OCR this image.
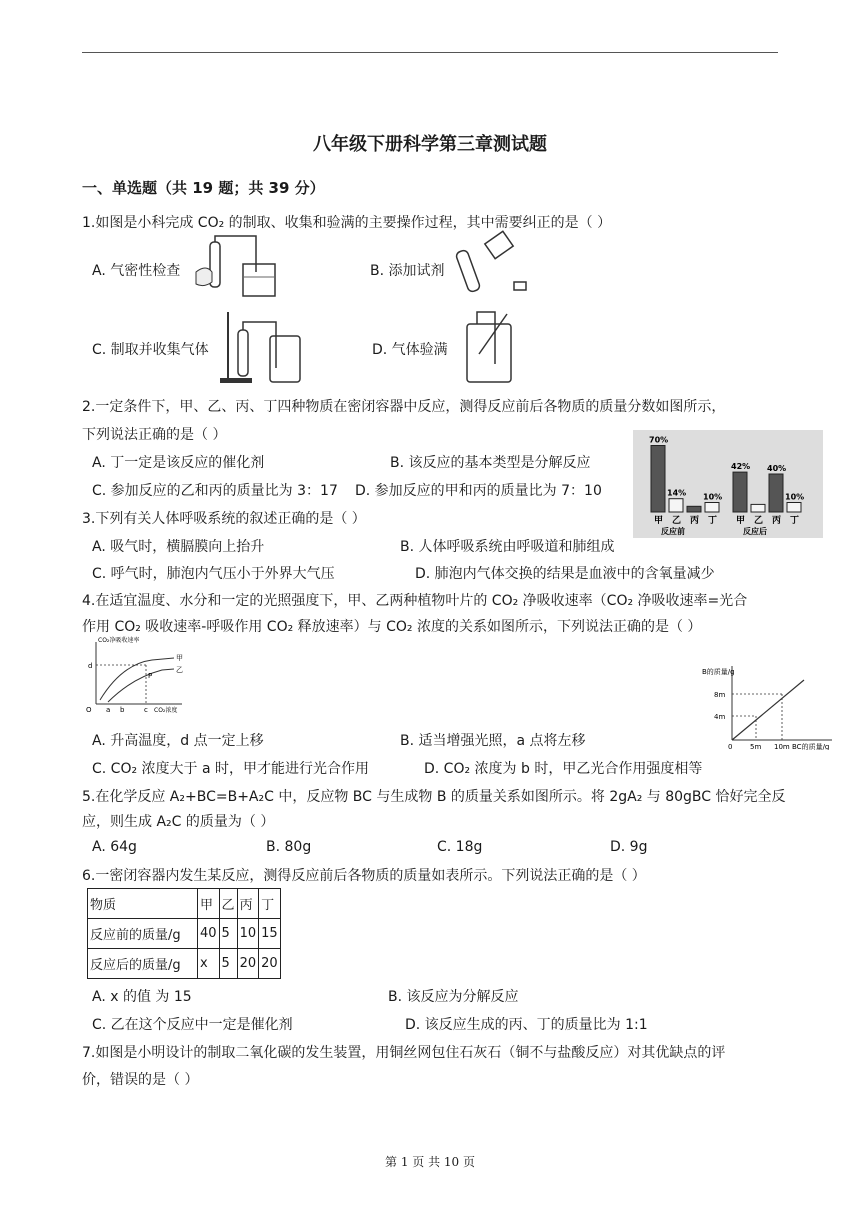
八年级下册科学第三章测试题
一、单选题（共 19 题；共 39 分）
1.如图是小科完成 CO₂ 的制取、收集和验满的主要操作过程，其中需要纠正的是（ ）
A. 气密性检查	B. 添加试剂
C. 制取并收集气体	D. 气体验满
2.一定条件下，甲、乙、丙、丁四种物质在密闭容器中反应，测得反应前后各物质的质量分数如图所示，
下列说法正确的是（ ）
A. 丁一定是该反应的催化剂	B. 该反应的基本类型是分解反应
C. 参加反应的乙和丙的质量比为 3：17 D. 参加反应的甲和丙的质量比为 7：10
甲 乙 丙 丁
70%
14% 10%
反应前
甲 乙 丙 丁
42% 40%
10%
反应后
3.下列有关人体呼吸系统的叙述正确的是（ ）
A. 吸气时，横膈膜向上抬升	B. 人体呼吸系统由呼吸道和肺组成
C. 呼气时，肺泡内气压小于外界大气压	D. 肺泡内气体交换的结果是血液中的含氧量减少
4.在适宜温度、水分和一定的光照强度下，甲、乙两种植物叶片的 CO₂ 净吸收速率（CO₂ 净吸收速率=光合
作用 CO₂ 吸收速率-呼吸作用 CO₂ 释放速率）与 CO₂ 浓度的关系如图所示，下列说法正确的是（ ）
CO₂净吸收速率
甲
乙
P
d
O a b	c CO₂浓度
B的质量/g
4m
8m
0	5m 10m BC的质量/g
A. 升高温度，d 点一定上移	B. 适当增强光照，a 点将左移
C. CO₂ 浓度大于 a 时，甲才能进行光合作用	D. CO₂ 浓度为 b 时，甲乙光合作用强度相等
5.在化学反应 A₂+BC=B+A₂C 中，反应物 BC 与生成物 B 的质量关系如图所示。将 2gA₂ 与 80gBC 恰好完全反
应，则生成 A₂C 的质量为（ ）
A. 64g	B. 80g	C. 18g	D. 9g
6.一密闭容器内发生某反应，测得反应前后各物质的质量如表所示。下列说法正确的是（ ）
物质	甲	乙	丙	丁
反应前的质量/g	40	5	10	15
反应后的质量/g	x	5	20	20
A. x 的值 为 15	B. 该反应为分解反应
C. 乙在这个反应中一定是催化剂	D. 该反应生成的丙、丁的质量比为 1:1
7.如图是小明设计的制取二氧化碳的发生装置，用铜丝网包住石灰石（铜不与盐酸反应）对其优缺点的评
价，错误的是（ ）
第 1 页 共 10 页
